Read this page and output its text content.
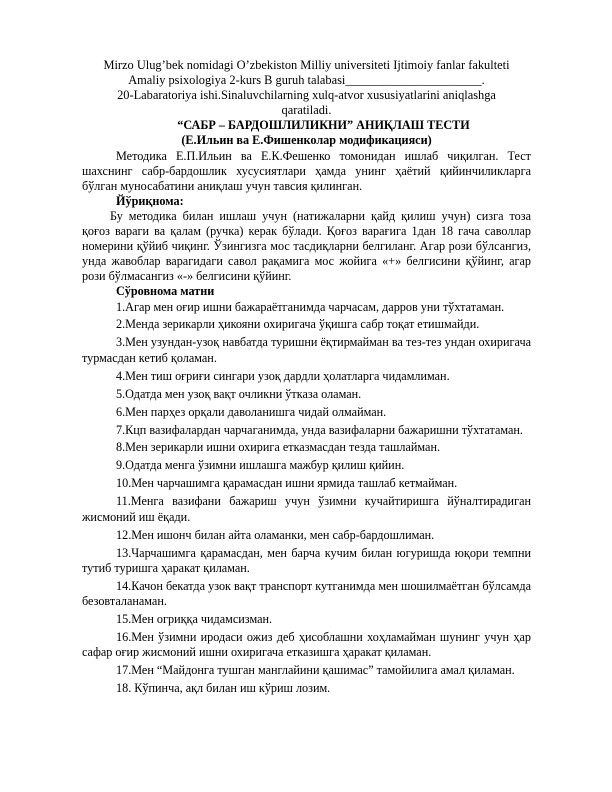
Mirzo Ulug’bek nomidagi O’zbekiston Milliy universiteti Ijtimoiy fanlar fakulteti
Amaliy psixologiya 2-kurs B guruh talabasi______________________.
20-Labaratoriya ishi.Sinaluvchilarning xulq-atvor xususiyatlarini aniqlashga
qaratiladi.
“САБР – БАРДОШЛИЛИКНИ” АНИҚЛАШ ТЕСТИ
(Е.Ильин ва Е.Фишенколар модификацияси)

Методика Е.П.Ильин ва Е.К.Фешенко томонидан ишлаб чиқилган. Тест шахснинг сабр-бардошлик хусусиятлари ҳамда унинг ҳаётий қийинчиликларга бўлган муносабатини аниқлаш учун тавсия қилинган.

Йўриқнома:

Бу методика билан ишлаш учун (натижаларни қайд қилиш учун) сизга тоза қоғоз вараги ва қалам (ручка) керак бўлади. Қоғоз варағига 1дан 18 гача саволлар номерини қўйиб чиқинг. Ўзингизга мос тасдиқларни белгиланг. Агар рози бўлсангиз, унда жавоблар варагидаги савол рақамига мос жойига «+» белгисини қўйинг, агар рози бўлмасангиз «-» белгисини қўйинг.

Сўровнома матни

1.Агар мен оғир ишни бажараётганимда чарчасам, дарров уни тўхтатаман.

2.Менда зерикарли ҳикояни охиригача ўқишга сабр тоқат етишмайди.

3.Мен узундан-узоқ навбатда туришни ёқтирмайман ва тез-тез ундан охиригача турмасдан кетиб қоламан.

4.Мен тиш оғриғи сингари узоқ дардли ҳолатларга чидамлиман.

5.Одатда мен узоқ вақт очликни ўтказа оламан.

6.Мен парҳез орқали даволанишга чидай олмайман.

7.Кцп вазифалардан чарчаганимда, унда вазифаларни бажаришни тўхтатаман.

8.Мен зерикарли ишни охирига етказмасдан тезда ташлайман.

9.Одатда менга ўзимни ишлашга мажбур қилиш қийин.

10.Мен чарчашимга қарамасдан ишни ярмида ташлаб кетмайман.

11.Менга вазифани бажариш учун ўзимни кучайтиришга йўналтирадиган жисмоний иш ёқади.

12.Мен ишонч билан айта оламанки, мен сабр-бардошлиман.

13.Чарчашимга қарамасдан, мен барча кучим билан югуришда юқори темпни тутиб туришга ҳаракат қиламан.

14.Качон бекатда узок вақт транспорт кутганимда мен шошилмаётган бўлсамда безовталанаман.

15.Мен огриққа чидамсизман.

16.Мен ўзимни иродаси ожиз деб ҳисоблашни хоҳламайман шунинг учун ҳар сафар оғир жисмоний ишни охиригача етказишга ҳаракат қиламан.

17.Мен “Майдонга тушган манглайини қашимас” тамойилига амал қиламан.

18. Кўпинча, ақл билан иш кўриш лозим.
